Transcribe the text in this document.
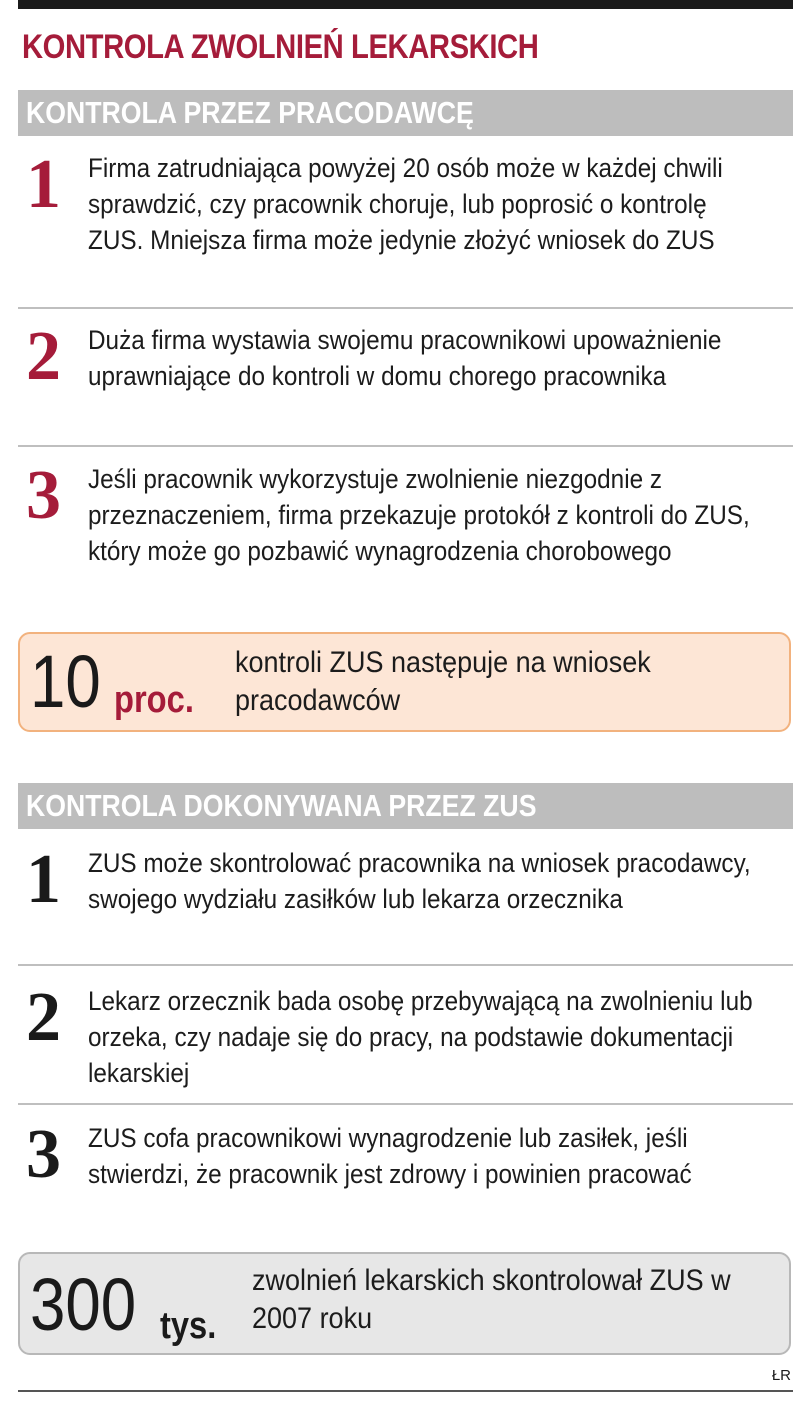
KONTROLA ZWOLNIEŃ LEKARSKICH
KONTROLA PRZEZ PRACODAWCĘ
1 Firma zatrudniająca powyżej 20 osób może w każdej chwili sprawdzić, czy pracownik choruje, lub poprosić o kontrolę ZUS. Mniejsza firma może jedynie złożyć wniosek do ZUS
2 Duża firma wystawia swojemu pracownikowi upoważnienie uprawniające do kontroli w domu chorego pracownika
3 Jeśli pracownik wykorzystuje zwolnienie niezgodnie z przeznaczeniem, firma przekazuje protokół z kontroli do ZUS, który może go pozbawić wynagrodzenia chorobowego
10 proc.
kontroli ZUS następuje na wniosek pracodawców
KONTROLA DOKONYWANA PRZEZ ZUS
1 ZUS może skontrolować pracownika na wniosek pracodawcy, swojego wydziału zasiłków lub lekarza orzecznika
2 Lekarz orzecznik bada osobę przebywającą na zwolnieniu lub orzeka, czy nadaje się do pracy, na podstawie dokumentacji lekarskiej
3 ZUS cofa pracownikowi wynagrodzenie lub zasiłek, jeśli stwierdzi, że pracownik jest zdrowy i powinien pracować
300 tys.
zwolnień lekarskich skontrolował ZUS w 2007 roku
ŁR
